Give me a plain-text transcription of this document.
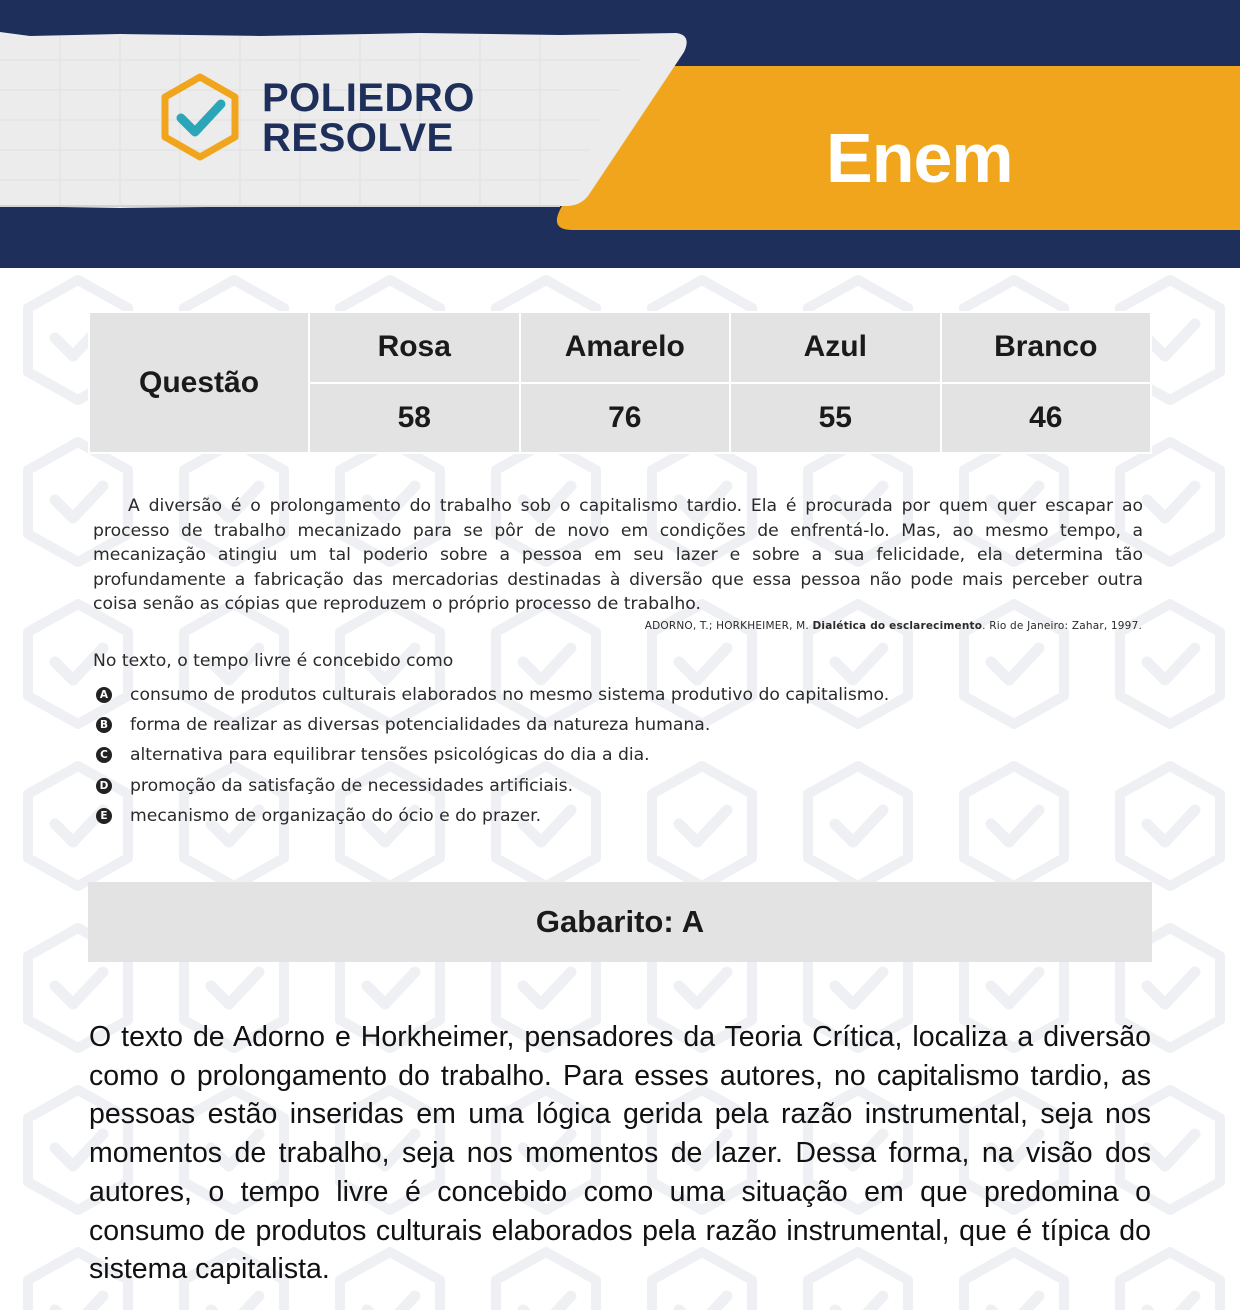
POLIEDRO
RESOLVE	Enem
Questão	Rosa	Amarelo	Azul	Branco
	58	76	55	46

A diversão é o prolongamento do trabalho sob o capitalismo tardio. Ela é procurada por quem quer escapar ao processo de trabalho mecanizado para se pôr de novo em condições de enfrentá-lo. Mas, ao mesmo tempo, a mecanização atingiu um tal poderio sobre a pessoa em seu lazer e sobre a sua felicidade, ela determina tão profundamente a fabricação das mercadorias destinadas à diversão que essa pessoa não pode mais perceber outra coisa senão as cópias que reproduzem o próprio processo de trabalho.

ADORNO, T.; HORKHEIMER, M. Dialética do esclarecimento. Rio de Janeiro: Zahar, 1997.
No texto, o tempo livre é concebido como
A consumo de produtos culturais elaborados no mesmo sistema produtivo do capitalismo.
B forma de realizar as diversas potencialidades da natureza humana.
C alternativa para equilibrar tensões psicológicas do dia a dia.
D promoção da satisfação de necessidades artificiais.
E mecanismo de organização do ócio e do prazer.
Gabarito: A

O texto de Adorno e Horkheimer, pensadores da Teoria Crítica, localiza a diversão como o prolongamento do trabalho. Para esses autores, no capitalismo tardio, as pessoas estão inseridas em uma lógica gerida pela razão instrumental, seja nos momentos de trabalho, seja nos momentos de lazer. Dessa forma, na visão dos autores, o tempo livre é concebido como uma situação em que predomina o consumo de produtos culturais elaborados pela razão instrumental, que é típica do sistema capitalista.
